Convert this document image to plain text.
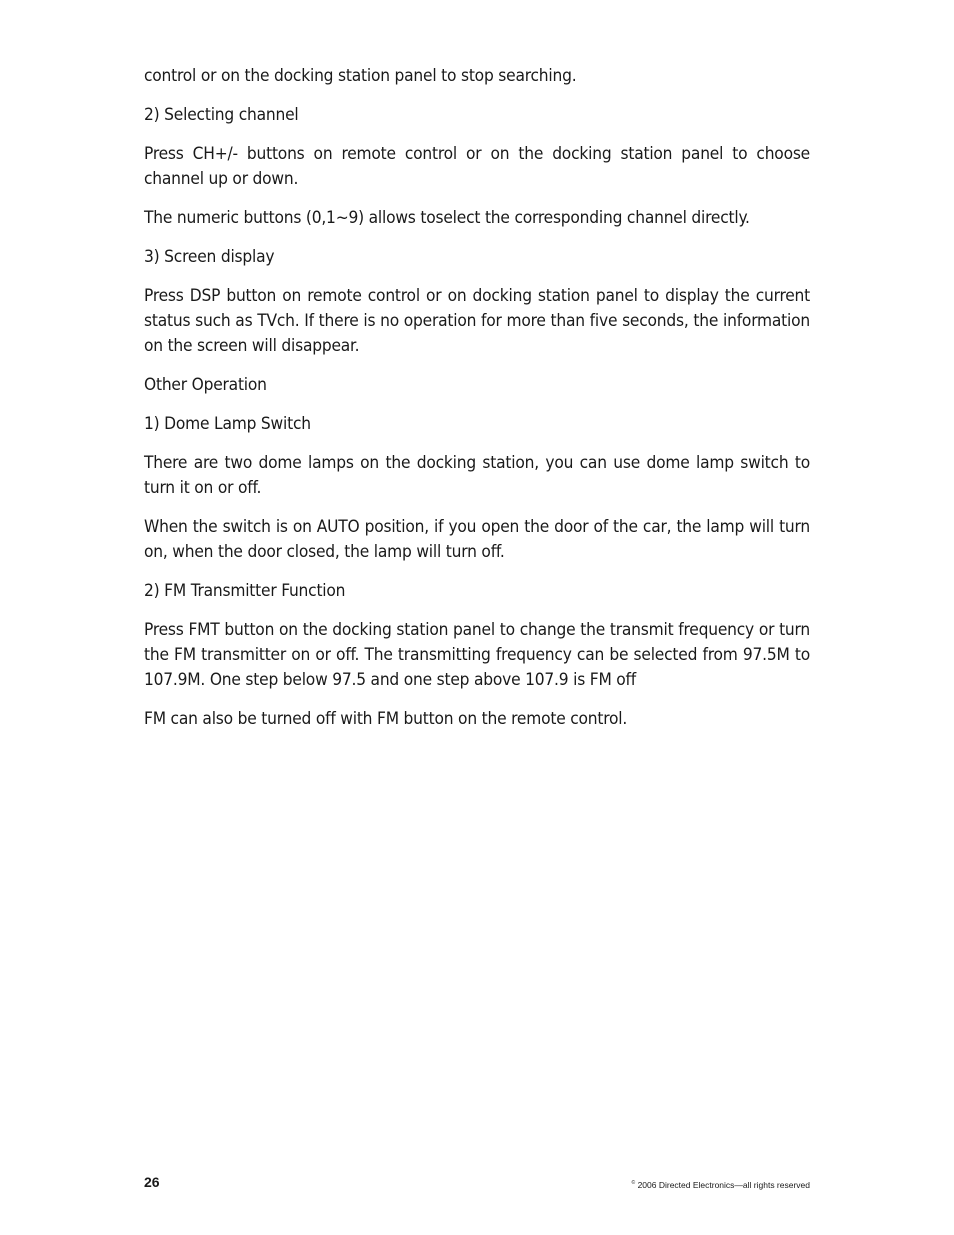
control or on the docking station panel to stop searching.

2) Selecting channel

Press CH+/- buttons on remote control or on the docking station panel to choose channel up or down.

The numeric buttons (0,1~9) allows toselect the corresponding channel directly.

3) Screen display

Press DSP button on remote control or on docking station panel to display the current status such as TVch. If there is no operation for more than five seconds, the information on the screen will disappear.

Other Operation

1) Dome Lamp Switch

There are two dome lamps on the docking station, you can use dome lamp switch to turn it on or off.

When the switch is on AUTO position, if you open the door of the car, the lamp will turn on, when the door closed, the lamp will turn off.

2) FM Transmitter Function

Press FMT button on the docking station panel to change the transmit frequency or turn the FM transmitter on or off. The transmitting frequency can be selected from 97.5M to 107.9M. One step below 97.5 and one step above 107.9 is FM off

FM can also be turned off with FM button on the remote control.

26	© 2006 Directed Electronics—all rights reserved
